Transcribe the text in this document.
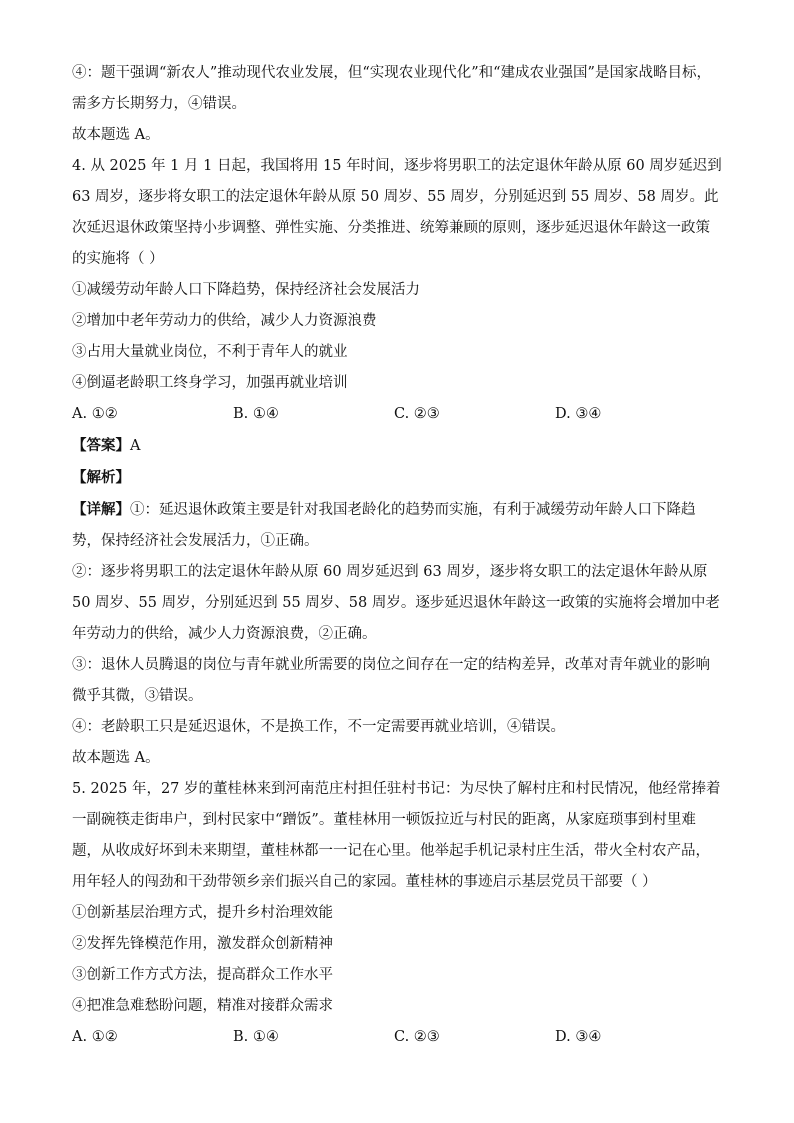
④：题干强调“新农人”推动现代农业发展，但“实现农业现代化”和“建成农业强国”是国家战略目标，需多方长期努力，④错误。
故本题选 A。
4. 从 2025 年 1 月 1 日起，我国将用 15 年时间，逐步将男职工的法定退休年龄从原 60 周岁延迟到 63 周岁，逐步将女职工的法定退休年龄从原 50 周岁、55 周岁，分别延迟到 55 周岁、58 周岁。此次延迟退休政策坚持小步调整、弹性实施、分类推进、统筹兼顾的原则，逐步延迟退休年龄这一政策的实施将（ ）
①减缓劳动年龄人口下降趋势，保持经济社会发展活力
②增加中老年劳动力的供给，减少人力资源浪费
③占用大量就业岗位，不利于青年人的就业
④倒逼老龄职工终身学习，加强再就业培训
A. ①②	B. ①④	C. ②③	D. ③④
【答案】A
【解析】
【详解】①：延迟退休政策主要是针对我国老龄化的趋势而实施，有利于减缓劳动年龄人口下降趋势，保持经济社会发展活力，①正确。
②：逐步将男职工的法定退休年龄从原 60 周岁延迟到 63 周岁，逐步将女职工的法定退休年龄从原 50 周岁、55 周岁，分别延迟到 55 周岁、58 周岁。逐步延迟退休年龄这一政策的实施将会增加中老年劳动力的供给，减少人力资源浪费，②正确。
③：退休人员腾退的岗位与青年就业所需要的岗位之间存在一定的结构差异，改革对青年就业的影响微乎其微，③错误。
④：老龄职工只是延迟退休，不是换工作，不一定需要再就业培训，④错误。
故本题选 A。
5. 2025 年，27 岁的董桂林来到河南范庄村担任驻村书记：为尽快了解村庄和村民情况，他经常捧着一副碗筷走街串户，到村民家中“蹭饭”。董桂林用一顿饭拉近与村民的距离，从家庭琐事到村里难题，从收成好坏到未来期望，董桂林都一一记在心里。他举起手机记录村庄生活，带火全村农产品，用年轻人的闯劲和干劲带领乡亲们振兴自己的家园。董桂林的事迹启示基层党员干部要（ ）
①创新基层治理方式，提升乡村治理效能
②发挥先锋模范作用，激发群众创新精神
③创新工作方式方法，提高群众工作水平
④把准急难愁盼问题，精准对接群众需求
A. ①②	B. ①④	C. ②③	D. ③④
